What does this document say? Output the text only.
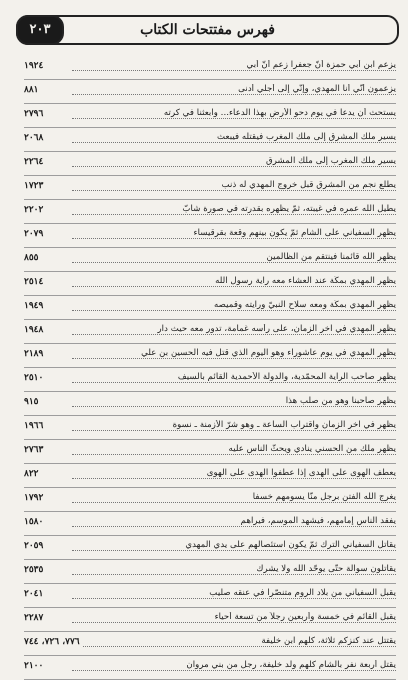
فهرس مفتتحات الكتاب
٢٠٣
يزعم ابن أبي حمزة أنّ جعفراً زعم أنّ أبي
١٩٢٤
يزعمون أنّي أنا المهدي، وإنّي إلى أجلي أدنى
٨٨١
يستحث أن يدعا في يوم دحو الأرض بهذا الدعاء... وابعثنا في كرته
٢٧٩٦
يسير ملك المشرق إلى ملك المغرب فيقتله فيبعث
٢٠٦٨
يسير ملك المغرب إلى ملك المشرق
٢٢٦٤
يطلع نجم من المشرق قبل خروج المهدي له ذنب
١٧٢٣
يطيل الله عمره في غيبته، ثمّ يظهره بقدرته في صورة شابّ
٢٢٠٢
يظهر السفياني على الشام ثمّ يكون بينهم وقعة بقرقيساء
٢٠٧٩
يظهر الله قائمنا فينتقم من الظالمين
٨٥٥
يظهر المهدي بمكّة عند العشاء معه راية رسول الله
٢٥١٤
يظهر المهدي بمكّة ومعه سلاح النبيّ ورايته وقميصه
١٩٤٩
يظهر المهدي في آخر الزمان، على رأسه غمامة، تدور معه حيث دار
١٩٤٨
يظهر المهدي في يوم عاشوراء وهو اليوم الذي قتل فيه الحسين بن علي
٢١٨٩
يظهر صاحب الراية المحمّدية، والدولة الأحمدية القائم بالسيف
٢٥١٠
يظهر صاحبنا وهو من صلب هذا
٩١٥
يظهر في آخر الزمان واقتراب الساعة ـ وهو شرّ الأزمنة ـ نسوة
١٩٦٦
يظهر ملك من الحسني ينادي ويحثّ الناس عليه
٢٧٦٣
يعطف الهوى على الهدى إذا عطفوا الهدى على الهوى
٨٢٢
يغرج الله الفتن برجل منّا يسومهم خسفاً
١٧٩٢
يفقد الناس إمامهم، فيشهد الموسم، فيراهم
١٥٨٠
يقاتل السفياني الترك ثمّ يكون استئصالهم على يدي المهدي
٢٠٥٩
يقاتلون سوالة حتّى يوحّد الله ولا يشرك
٢٥٣٥
يقبل السفياني من بلاد الروم متنصّراً في عنقه صليب
٢٠٤١
يقبل القائم في خمسة وأربعين رجلاً من تسعة أحياء
٢٢٨٧
يقتتل عند كنزكم ثلاثة، كلّهم ابن خليفة
٧٧٦، ٧٢٦، ٧٤٤
يقتل أربعة نفر بالشام كلّهم ولد خليفة، رجل من بني مروان
٢١٠٠
